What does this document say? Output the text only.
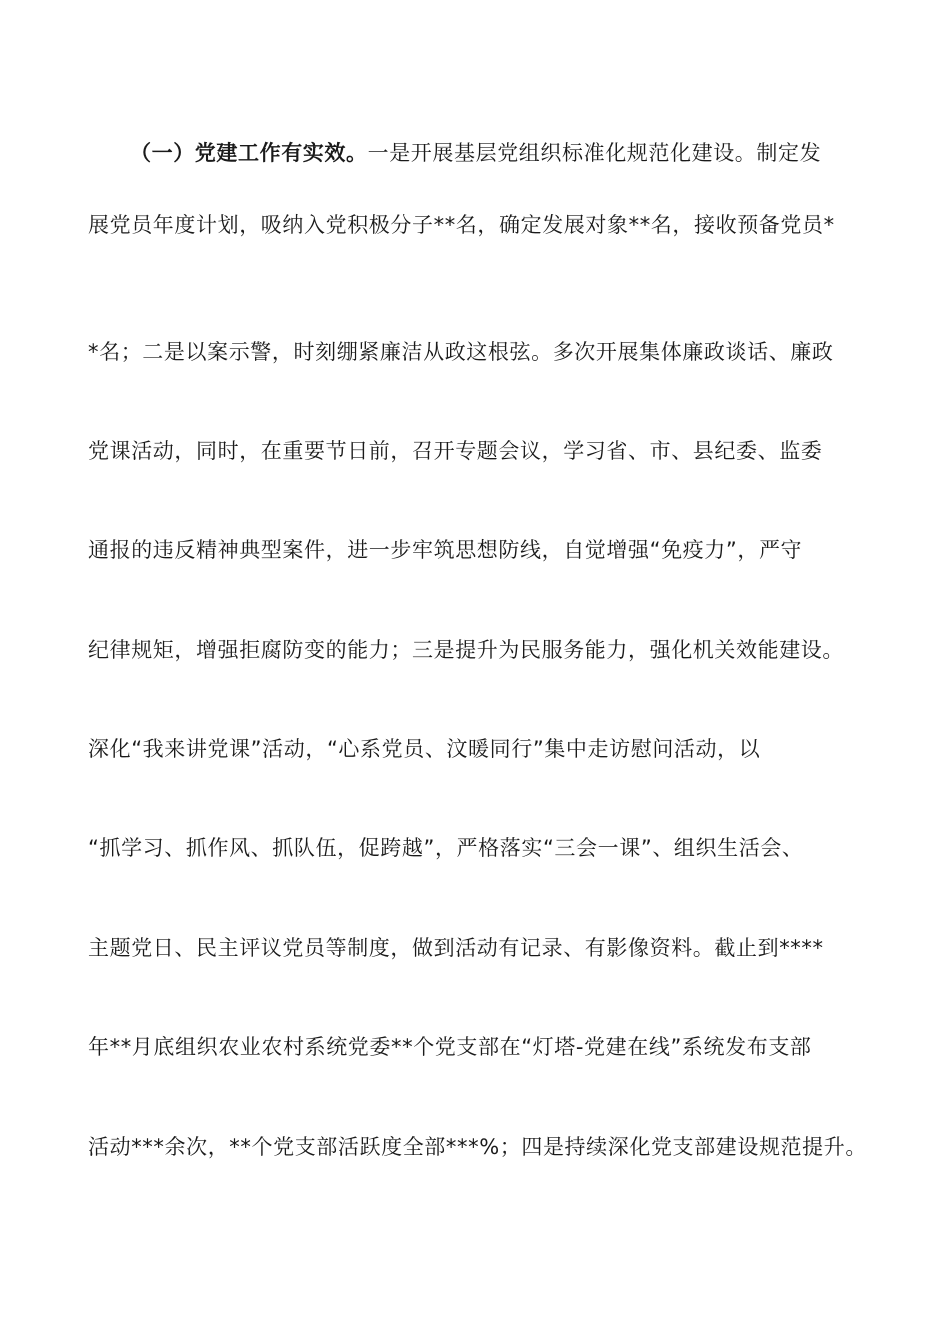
（一）党建工作有实效。一是开展基层党组织标准化规范化建设。制定发
展党员年度计划，吸纳入党积极分子**名，确定发展对象**名，接收预备党员*
*名；二是以案示警，时刻绷紧廉洁从政这根弦。多次开展集体廉政谈话、廉政
党课活动，同时，在重要节日前，召开专题会议，学习省、市、县纪委、监委
通报的违反精神典型案件，进一步牢筑思想防线，自觉增强“免疫力”，严守
纪律规矩，增强拒腐防变的能力；三是提升为民服务能力，强化机关效能建设。
深化“我来讲党课”活动，“心系党员、汶暖同行”集中走访慰问活动，以
“抓学习、抓作风、抓队伍，促跨越”，严格落实“三会一课”、组织生活会、
主题党日、民主评议党员等制度，做到活动有记录、有影像资料。截止到****
年**月底组织农业农村系统党委**个党支部在“灯塔-党建在线”系统发布支部
活动***余次，**个党支部活跃度全部***%；四是持续深化党支部建设规范提升。
